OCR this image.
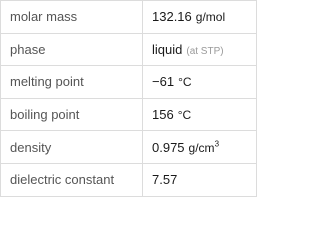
molar mass	132.16 g/mol
phase	liquid (at STP)
melting point	−61 °C
boiling point	156 °C
density	0.975 $g/cm^3$
dielectric constant	7.57
